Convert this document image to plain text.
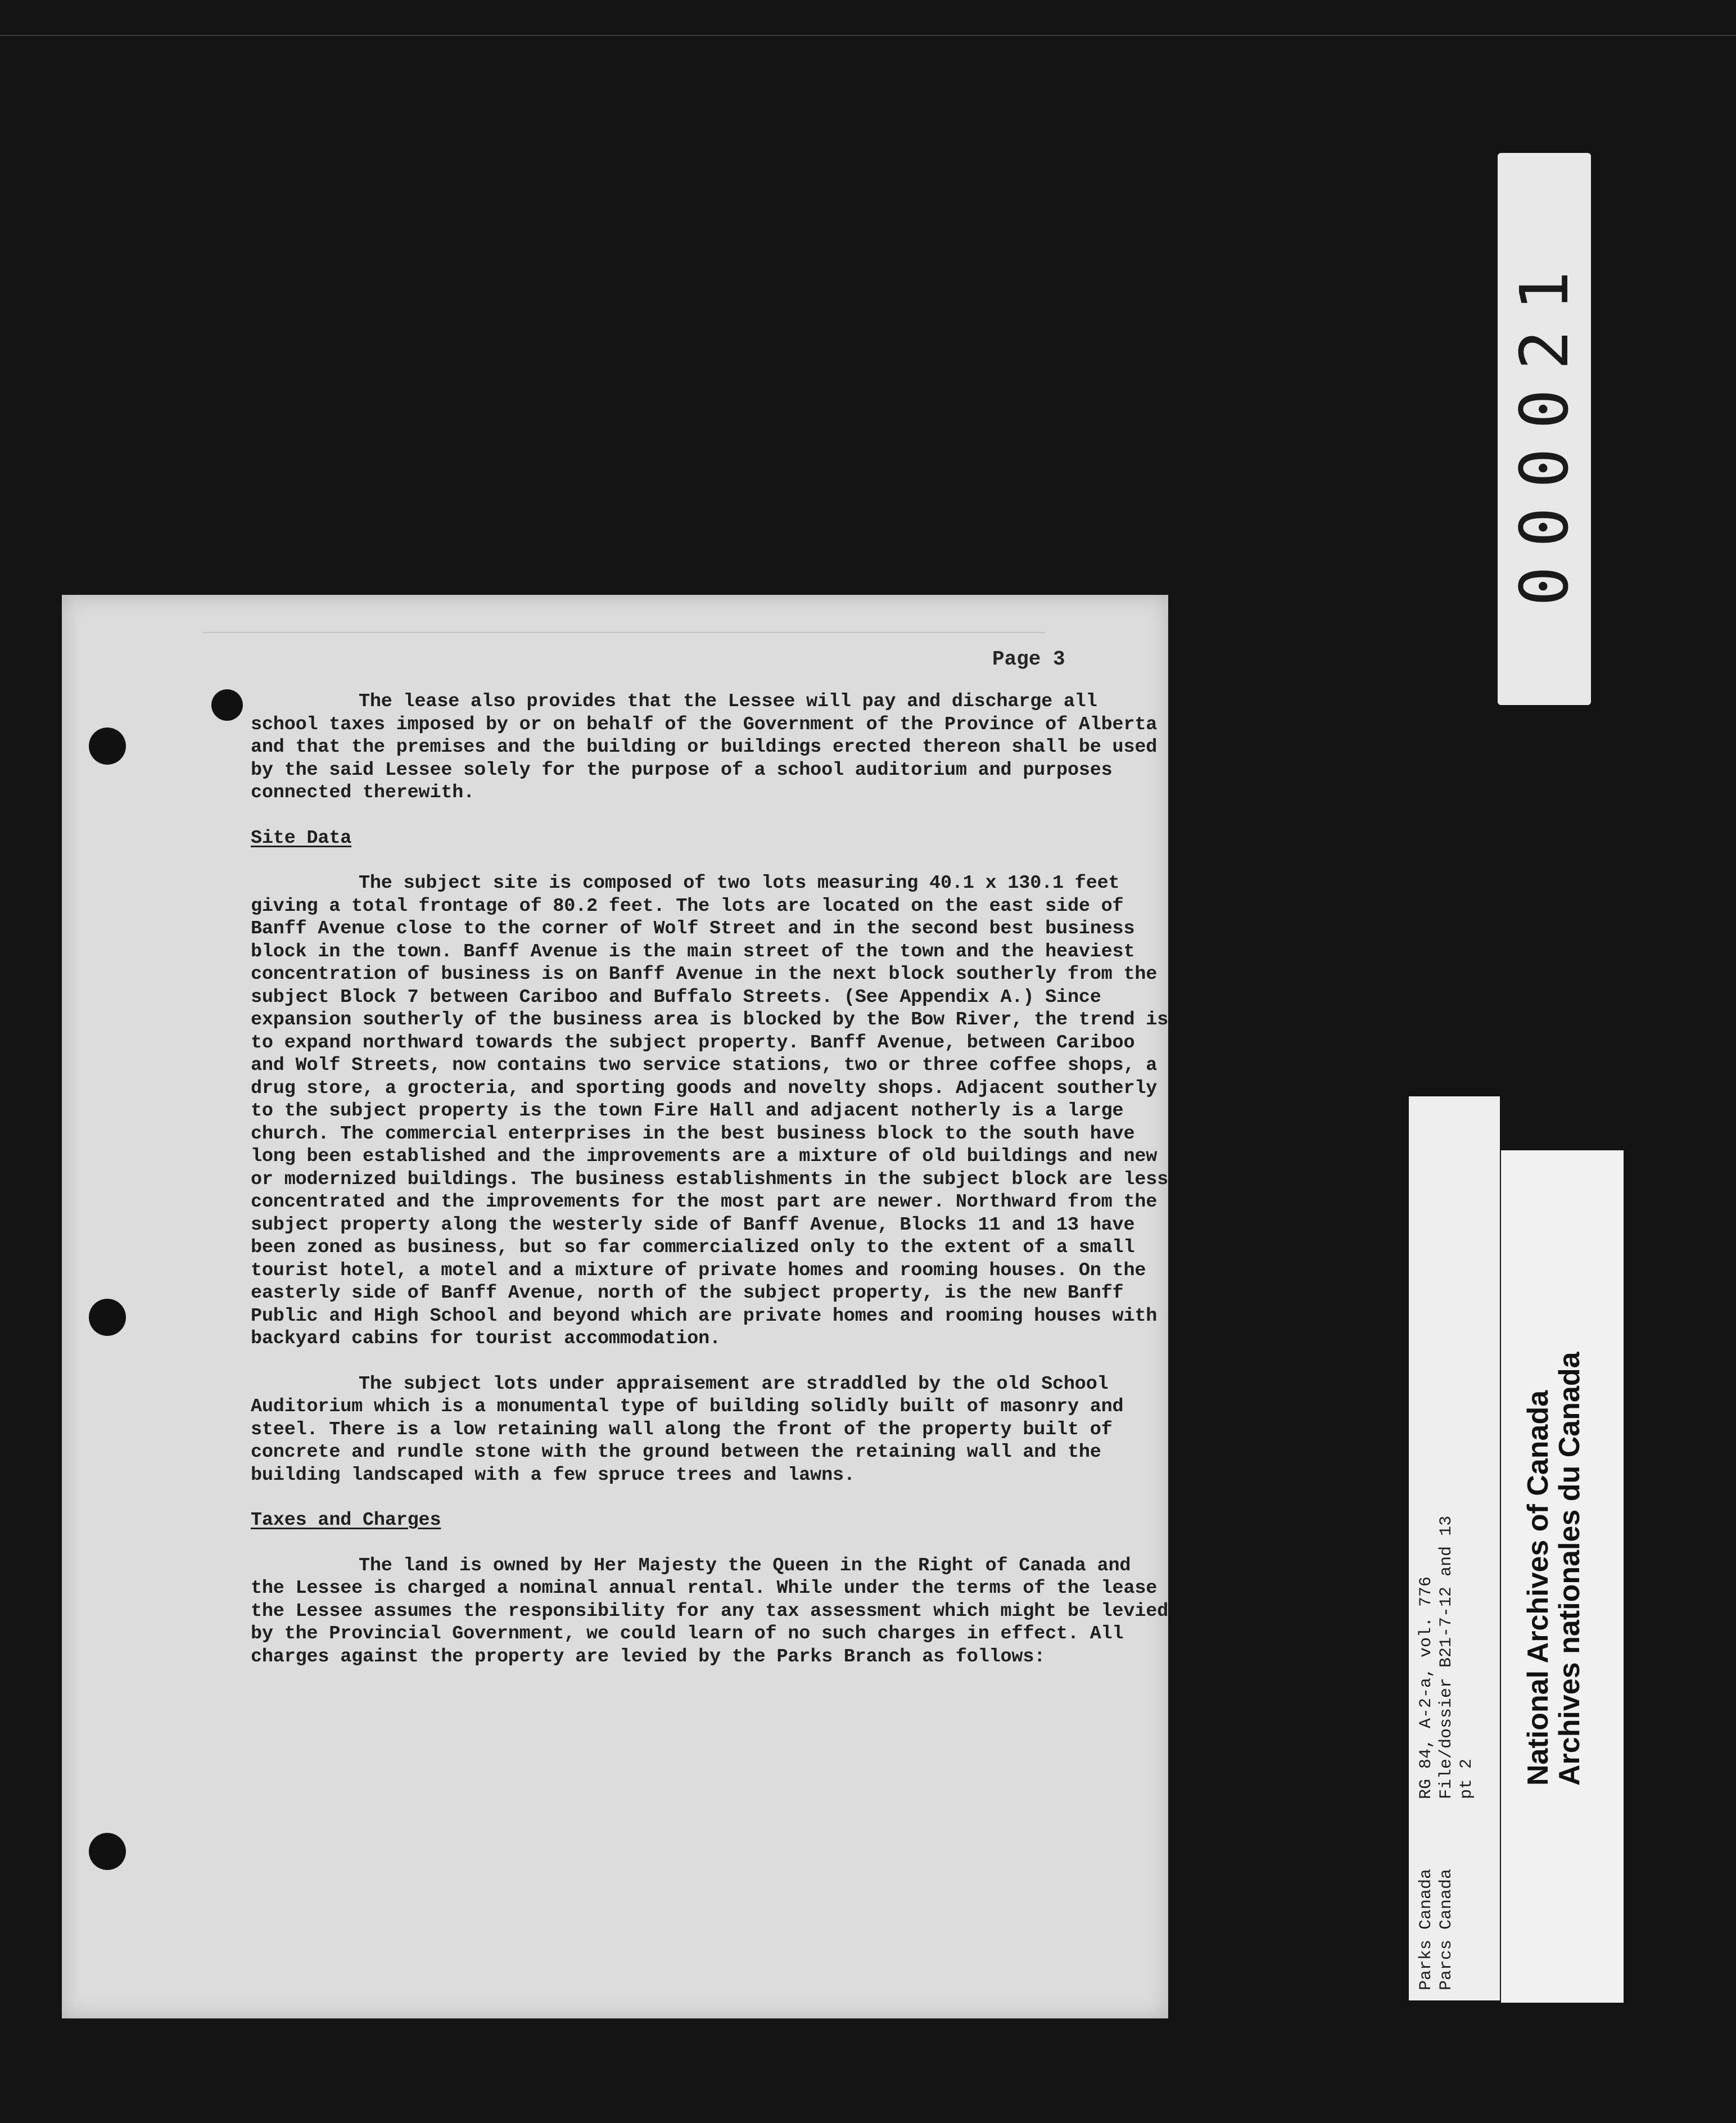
Page 3

The lease also provides that the Lessee will pay and discharge all school taxes imposed by or on behalf of the Government of the Province of Alberta and that the premises and the building or buildings erected thereon shall be used by the said Lessee solely for the purpose of a school auditorium and purposes connected therewith.

Site Data

The subject site is composed of two lots measuring 40.1 x 130.1 feet giving a total frontage of 80.2 feet. The lots are located on the east side of Banff Avenue close to the corner of Wolf Street and in the second best business block in the town. Banff Avenue is the main street of the town and the heaviest concentration of business is on Banff Avenue in the next block southerly from the subject Block 7 between Cariboo and Buffalo Streets. (See Appendix A.) Since expansion southerly of the business area is blocked by the Bow River, the trend is to expand northward towards the subject property. Banff Avenue, between Cariboo and Wolf Streets, now contains two service stations, two or three coffee shops, a drug store, a grocteria, and sporting goods and novelty shops. Adjacent southerly to the subject property is the town Fire Hall and adjacent notherly is a large church. The commercial enterprises in the best business block to the south have long been established and the improvements are a mixture of old buildings and new or modernized buildings. The business establishments in the subject block are less concentrated and the improvements for the most part are newer. Northward from the subject property along the westerly side of Banff Avenue, Blocks 11 and 13 have been zoned as business, but so far commercialized only to the extent of a small tourist hotel, a motel and a mixture of private homes and rooming houses. On the easterly side of Banff Avenue, north of the subject property, is the new Banff Public and High School and beyond which are private homes and rooming houses with backyard cabins for tourist accommodation.

The subject lots under appraisement are straddled by the old School Auditorium which is a monumental type of building solidly built of masonry and steel. There is a low retaining wall along the front of the property built of concrete and rundle stone with the ground between the retaining wall and the building landscaped with a few spruce trees and lawns.

Taxes and Charges

The land is owned by Her Majesty the Queen in the Right of Canada and the Lessee is charged a nominal annual rental. While under the terms of the lease the Lessee assumes the responsibility for any tax assessment which might be levied by the Provincial Government, we could learn of no such charges in effect. All charges against the property are levied by the Parks Branch as follows:

000021
RG 84, A-2-a, vol. 776 File/dossier B21-7-12 and 13 pt 2
Parks Canada Parcs Canada
National Archives of Canada
Archives nationales du Canada
